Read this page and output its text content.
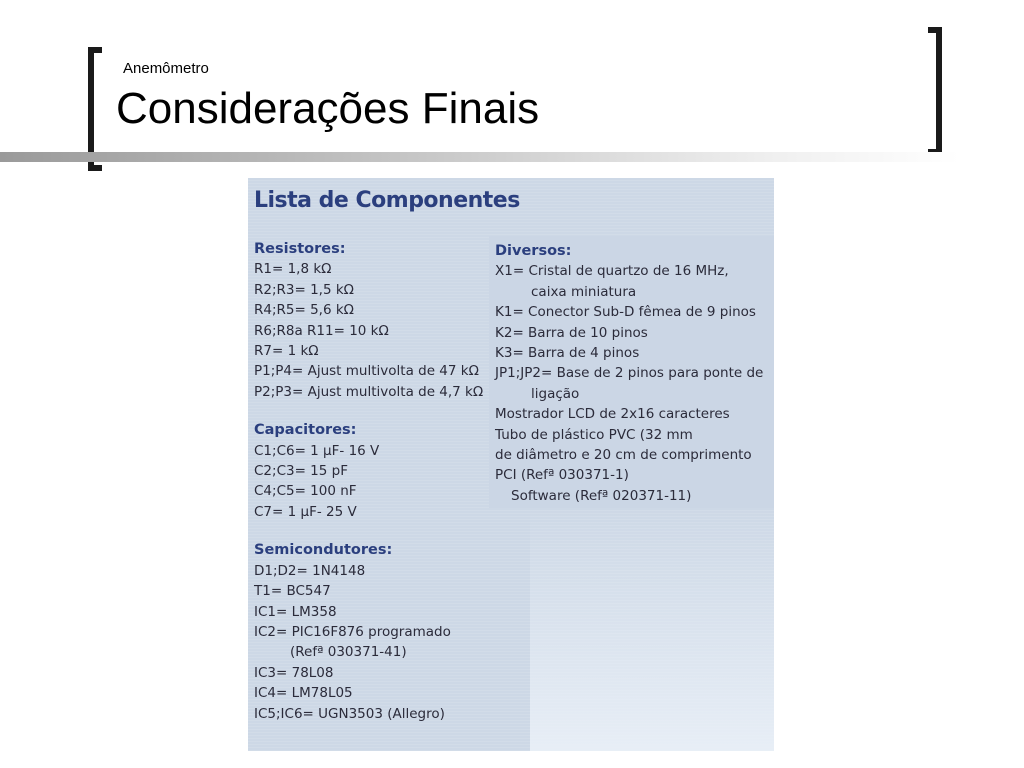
Anemômetro
Considerações Finais
Lista de Componentes
Resistores:
R1= 1,8 kΩ
R2;R3= 1,5 kΩ
R4;R5= 5,6 kΩ
R6;R8a R11= 10 kΩ
R7= 1 kΩ
P1;P4= Ajust multivolta de 47 kΩ
P2;P3= Ajust multivolta de 4,7 kΩ
Capacitores:
C1;C6= 1 µF- 16 V
C2;C3= 15 pF
C4;C5= 100 nF
C7= 1 µF- 25 V
Semicondutores:
D1;D2= 1N4148
T1= BC547
IC1= LM358
IC2= PIC16F876 programado
(Refª 030371-41)
IC3= 78L08
IC4= LM78L05
IC5;IC6= UGN3503 (Allegro)
Diversos:
X1= Cristal de quartzo de 16 MHz,
caixa miniatura
K1= Conector Sub-D fêmea de 9 pinos
K2= Barra de 10 pinos
K3= Barra de 4 pinos
JP1;JP2= Base de 2 pinos para ponte de
ligação
Mostrador LCD de 2x16 caracteres
Tubo de plástico PVC (32 mm
de diâmetro e 20 cm de comprimento
PCI (Refª 030371-1)
Software (Refª 020371-11)
